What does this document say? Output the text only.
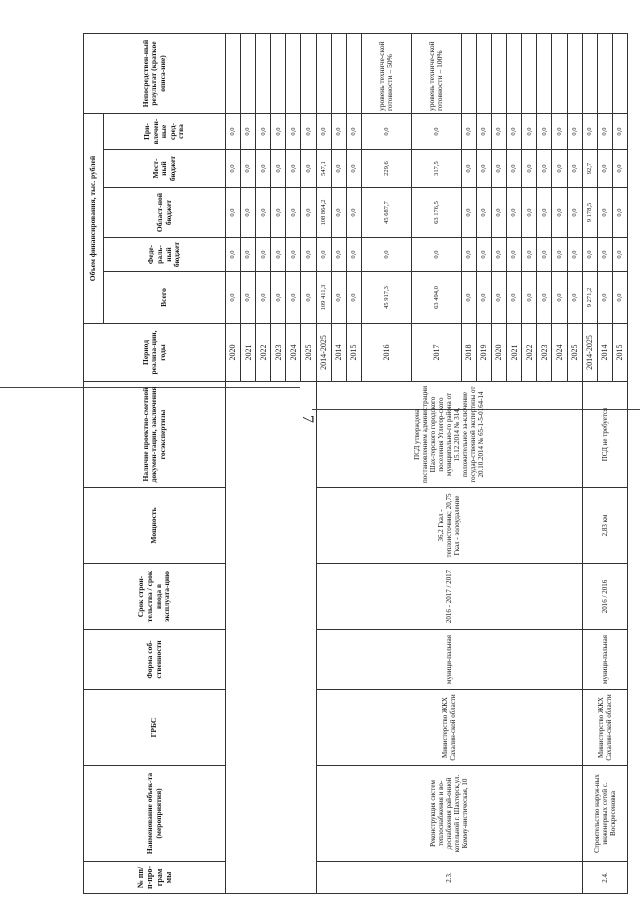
7
№ пп/ п-про-грам мы	Наименование объек-та (мероприятия)	ГРБС	Форма соб-ственности	Срок строи-тельства / срок ввода в эксплуата-цию	Мощность	Наличие проектно-сметной докумен-тации, заключения госэкспертизы	Период реализа-ции, годы	Объем финансирования, тыс. рублей					Непосредствен-ный результат (краткое описа-ние)
								Всего	Феде-раль-ный бюджет	Област-ной бюджет	Мест-ный бюджет	При-влечен-ные сред-ства	
							2020	0,0	0,0	0,0	0,0	0,0	
							2021	0,0	0,0	0,0	0,0	0,0	
							2022	0,0	0,0	0,0	0,0	0,0	
							2023	0,0	0,0	0,0	0,0	0,0	
							2024	0,0	0,0	0,0	0,0	0,0	
							2025	0,0	0,0	0,0	0,0	0,0	
2.3.	Реконструкция систем теплоснабжения и во-доснабжения рай-онной котельной г. Шахтерск,ул. Комму-нистическая, 10	Министерство ЖКХ Сахалин-ской области	муници-пальная	2016 - 2017 / 2017	36,2 Гкал - теплоисточник; 20,75 Гкал - золоудаление	ПСД утверждена постановлением администрации Шах-терского городского поселения Углегор-ского муниципально-го района от 15.12.2014 № 314, положительное за-ключение государ-ственной экспертизы от 20.10.2014 № 65-1-5-0164-14	2014-2025	109 411,3	0,0	108 864,2	547,1	0,0	
							2014	0,0	0,0	0,0	0,0	0,0	
							2015	0,0	0,0	0,0	0,0	0,0	
							2016	45 917,3	0,0	45 687,7	229,6	0,0	уровень техниче-ской готовности – 50%
							2017	63 494,0	0,0	63 176,5	317,5	0,0	уровень техниче-ской готовности – 100%
							2018	0,0	0,0	0,0	0,0	0,0	
							2019	0,0	0,0	0,0	0,0	0,0	
							2020	0,0	0,0	0,0	0,0	0,0	
							2021	0,0	0,0	0,0	0,0	0,0	
							2022	0,0	0,0	0,0	0,0	0,0	
							2023	0,0	0,0	0,0	0,0	0,0	
							2024	0,0	0,0	0,0	0,0	0,0	
							2025	0,0	0,0	0,0	0,0	0,0	
2.4.	Строительство наруж-ных инженерных сетей с. Воскресеновка	Министерство ЖКХ Сахалин-ской области	муници-пальная	2016 / 2016	2,83 км	ПСД не требуется	2014-2025	9 271,2	0,0	9 178,5	92,7	0,0	
							2014	0,0	0,0	0,0	0,0	0,0	
							2015	0,0	0,0	0,0	0,0	0,0	
